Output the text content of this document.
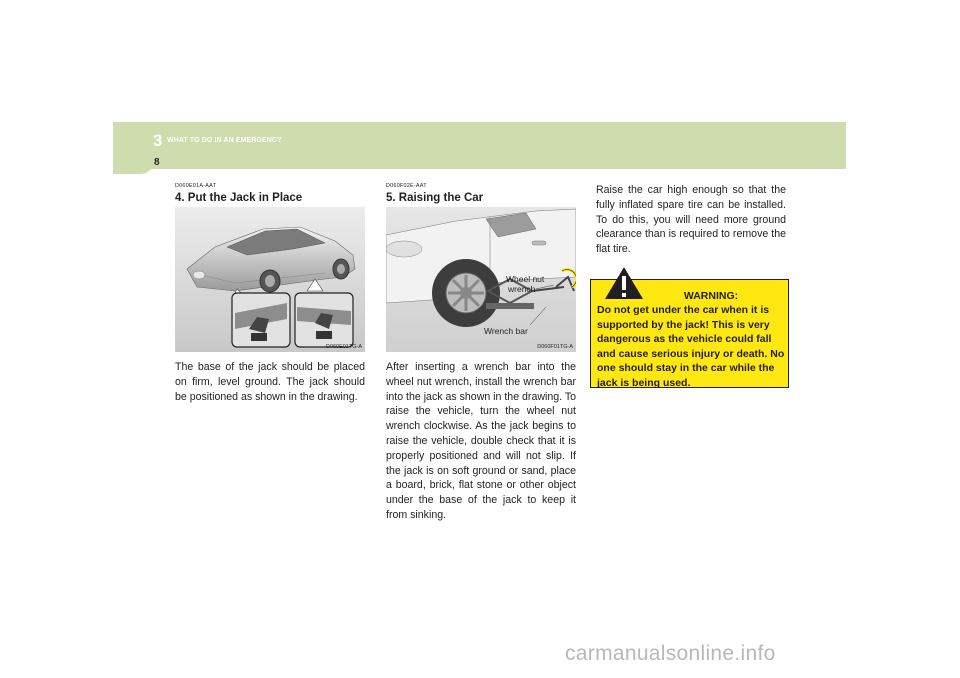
3 WHAT TO DO IN AN EMERGENCY
8
D060E01A-AAT
4. Put the Jack in Place
D060E01TG-A
The base of the jack should be placed on firm, level ground. The jack should be positioned as shown in the drawing.
D060F02E-AAT
5. Raising the Car
Wheel nut
wrench
Wrench bar
D060F01TG-A
After inserting a wrench bar into the wheel nut wrench, install the wrench bar into the jack as shown in the drawing. To raise the vehicle, turn the wheel nut wrench clockwise. As the jack begins to raise the vehicle, double check that it is properly positioned and will not slip. If the jack is on soft ground or sand, place a board, brick, flat stone or other object under the base of the jack to keep it from sinking.
Raise the car high enough so that the fully inflated spare tire can be installed. To do this, you will need more ground clearance than is required to remove the flat tire.
WARNING:
Do not get under the car when it is supported by the jack! This is very dangerous as the vehicle could fall and cause serious injury or death. No one should stay in the car while the jack is being used.
carmanualsonline.info
